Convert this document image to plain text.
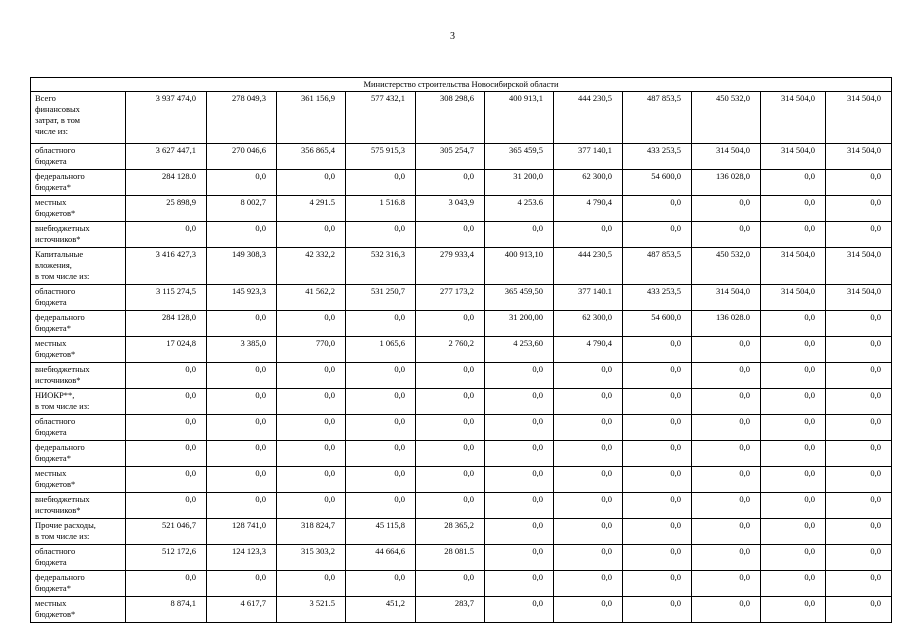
3
Министерство строительства Новосибирской области											

Всего
финансовых
затрат, в том
числе из:	3 937 474,0	278 049,3	361 156,9	577 432,1	308 298,6	400 913,1	444 230,5	487 853,5	450 532,0	314 504,0	314 504,0

областного
бюджета	3 627 447,1	270 046,6	356 865,4	575 915,3	305 254,7	365 459,5	377 140,1	433 253,5	314 504,0	314 504,0	314 504,0

федерального
бюджета*	284 128.0	0,0	0,0	0,0	0,0	31 200,0	62 300,0	54 600,0	136 028,0	0,0	0,0

местных
бюджетов*	25 898,9	8 002,7	4 291.5	1 516.8	3 043,9	4 253.6	4 790,4	0,0	0,0	0,0	0,0

внебюджетных
источников*	0,0	0,0	0,0	0,0	0,0	0,0	0,0	0,0	0,0	0,0	0,0

Капитальные
вложения,
в том числе из:	3 416 427,3	149 308,3	42 332,2	532 316,3	279 933,4	400 913,10	444 230,5	487 853,5	450 532,0	314 504,0	314 504,0

областного
бюджета	3 115 274,5	145 923,3	41 562,2	531 250,7	277 173,2	365 459,50	377 140.1	433 253,5	314 504,0	314 504,0	314 504,0

федерального
бюджета*	284 128,0	0,0	0,0	0,0	0,0	31 200,00	62 300,0	54 600,0	136 028.0	0,0	0,0

местных
бюджетов*	17 024,8	3 385,0	770,0	1 065,6	2 760,2	4 253,60	4 790,4	0,0	0,0	0,0	0,0

внебюджетных
источников*	0,0	0,0	0,0	0,0	0,0	0,0	0,0	0,0	0,0	0,0	0,0

НИОКР**,
в том числе из:	0,0	0,0	0,0	0,0	0,0	0,0	0,0	0,0	0,0	0,0	0,0

областного
бюджета	0,0	0,0	0,0	0,0	0,0	0,0	0,0	0,0	0,0	0,0	0,0

федерального
бюджета*	0,0	0,0	0,0	0,0	0,0	0,0	0,0	0,0	0,0	0,0	0,0

местных
бюджетов*	0,0	0,0	0,0	0,0	0,0	0,0	0,0	0,0	0,0	0,0	0,0

внебюджетных
источников*	0,0	0,0	0,0	0,0	0,0	0,0	0,0	0,0	0,0	0,0	0,0

Прочие расходы,
в том числе из:	521 046,7	128 741,0	318 824,7	45 115,8	28 365,2	0,0	0,0	0,0	0,0	0,0	0,0

областного
бюджета	512 172,6	124 123,3	315 303,2	44 664,6	28 081.5	0,0	0,0	0,0	0,0	0,0	0,0

федерального
бюджета*	0,0	0,0	0,0	0,0	0,0	0,0	0,0	0,0	0,0	0,0	0,0

местных
бюджетов*	8 874,1	4 617,7	3 521.5	451,2	283,7	0,0	0,0	0,0	0,0	0,0	0,0
